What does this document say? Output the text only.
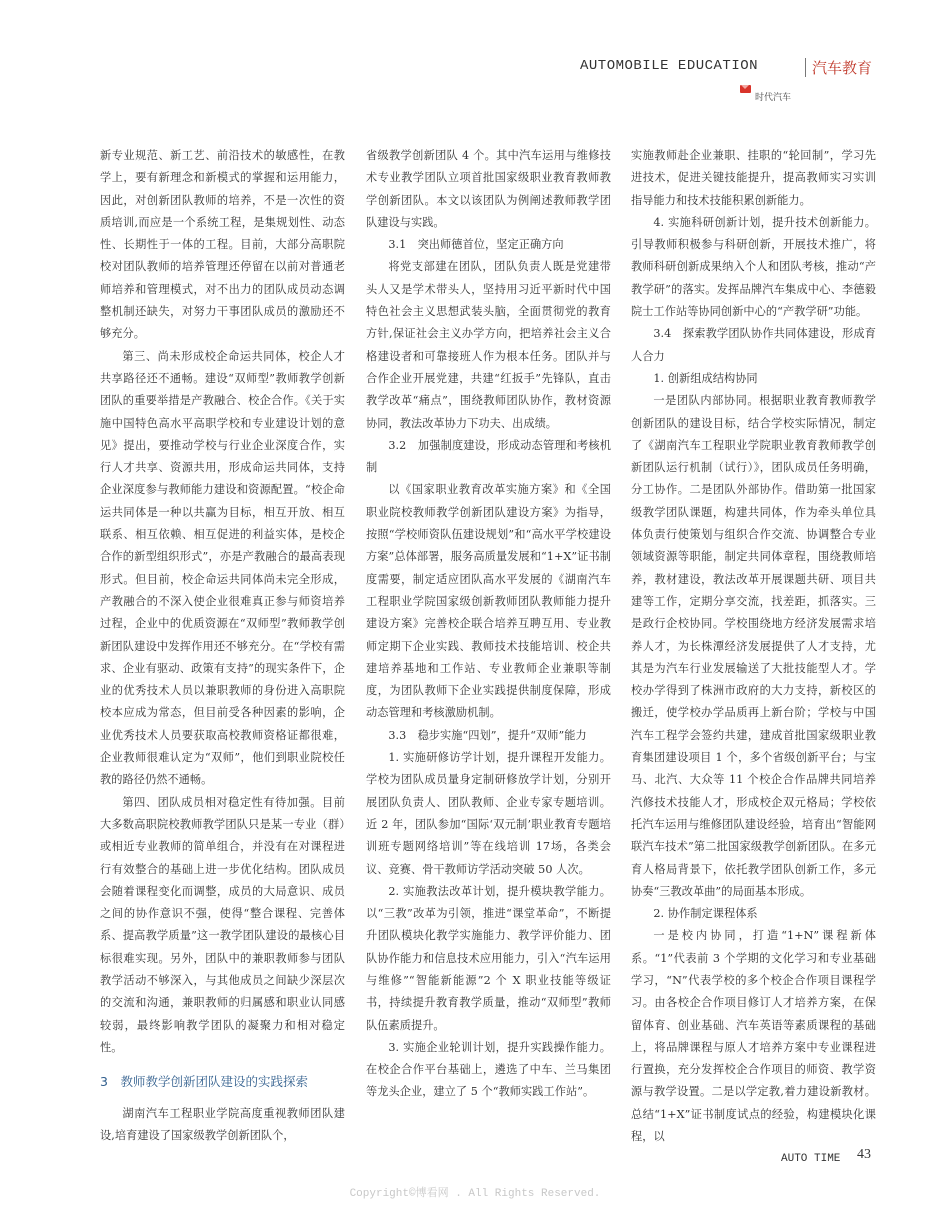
AUTOMOBILE EDUCATION	汽车教育
时代汽车

新专业规范、新工艺、前沿技术的敏感性，在教学上，要有新理念和新模式的掌握和运用能力，因此，对创新团队教师的培养，不是一次性的资质培训,而应是一个系统工程，是集规划性、动态性、长期性于一体的工程。目前，大部分高职院校对团队教师的培养管理还停留在以前对普通老师培养和管理模式，对不出力的团队成员动态调整机制还缺失，对努力干事团队成员的激励还不够充分。

第三、尚未形成校企命运共同体，校企人才共享路径还不通畅。建设“双师型”教师教学创新团队的重要举措是产教融合、校企合作。《关于实施中国特色高水平高职学校和专业建设计划的意见》提出，要推动学校与行业企业深度合作，实行人才共享、资源共用，形成命运共同体，支持企业深度参与教师能力建设和资源配置。“校企命运共同体是一种以共赢为目标，相互开放、相互联系、相互依赖、相互促进的利益实体，是校企合作的新型组织形式”，亦是产教融合的最高表现形式。但目前，校企命运共同体尚未完全形成，产教融合的不深入使企业很难真正参与师资培养过程，企业中的优质资源在“双师型”教师教学创新团队建设中发挥作用还不够充分。在“学校有需求、企业有驱动、政策有支持”的现实条件下，企业的优秀技术人员以兼职教师的身份进入高职院校本应成为常态，但目前受各种因素的影响，企业优秀技术人员要获取高校教师资格证都很难，企业教师很难认定为“双师”，他们到职业院校任教的路径仍然不通畅。

第四、团队成员相对稳定性有待加强。目前大多数高职院校教师教学团队只是某一专业（群）或相近专业教师的简单组合，并没有在对课程进行有效整合的基础上进一步优化结构。团队成员会随着课程变化而调整，成员的大局意识、成员之间的协作意识不强，使得“整合课程、完善体系、提高教学质量”这一教学团队建设的最核心目标很难实现。另外，团队中的兼职教师参与团队教学活动不够深入，与其他成员之间缺少深层次的交流和沟通，兼职教师的归属感和职业认同感较弱，最终影响教学团队的凝聚力和相对稳定性。

3　教师教学创新团队建设的实践探索

湖南汽车工程职业学院高度重视教师团队建设,培育建设了国家级教学创新团队个，

省级教学创新团队 4 个。其中汽车运用与维修技术专业教学团队立项首批国家级职业教育教师教学创新团队。本文以该团队为例阐述教师教学团队建设与实践。

3.1　突出师德首位，坚定正确方向

将党支部建在团队，团队负责人既是党建带头人又是学术带头人，坚持用习近平新时代中国特色社会主义思想武装头脑，全面贯彻党的教育方针,保证社会主义办学方向，把培养社会主义合格建设者和可靠接班人作为根本任务。团队并与合作企业开展党建，共建“红扳手”先锋队，直击教学改革“痛点”，围绕教师团队协作，教材资源协同，教法改革协力下功夫、出成绩。

3.2　加强制度建设，形成动态管理和考核机制

以《国家职业教育改革实施方案》和《全国职业院校教师教学创新团队建设方案》为指导，按照“学校师资队伍建设规划”和“高水平学校建设方案”总体部署，服务高质量发展和“1+X”证书制度需要，制定适应团队高水平发展的《湖南汽车工程职业学院国家级创新教师团队教师能力提升建设方案》完善校企联合培养互聘互用、专业教师定期下企业实践、教师技术技能培训、校企共建培养基地和工作站、专业教师企业兼职等制度，为团队教师下企业实践提供制度保障，形成动态管理和考核激励机制。

3.3　稳步实施“四划”，提升“双师”能力

1. 实施研修访学计划，提升课程开发能力。学校为团队成员量身定制研修放学计划，分别开展团队负责人、团队教师、企业专家专题培训。近 2 年，团队参加“国际‘双元制’职业教育专题培训班专题网络培训”等在线培训 17场，各类会议、竞赛、骨干教师访学活动突破 50 人次。

2. 实施教法改革计划，提升模块教学能力。以“三教”改革为引领，推进“课堂革命”，不断提升团队模块化教学实施能力、教学评价能力、团队协作能力和信息技术应用能力，引入“汽车运用与维修”“智能新能源”2 个 X 职业技能等级证书，持续提升教育教学质量，推动“双师型”教师队伍素质提升。

3. 实施企业轮训计划，提升实践操作能力。在校企合作平台基础上，遴选了中车、兰马集团等龙头企业，建立了 5 个“教师实践工作站”。

实施教师赴企业兼职、挂职的“轮回制”，学习先进技术，促进关键技能提升，提高教师实习实训指导能力和技术技能积累创新能力。

4. 实施科研创新计划，提升技术创新能力。引导教师积极参与科研创新，开展技术推广，将教师科研创新成果纳入个人和团队考核，推动“产教学研”的落实。发挥品牌汽车集成中心、李德毅院士工作站等协同创新中心的“产教学研”功能。

3.4　探索教学团队协作共同体建设，形成育人合力

1. 创新组成结构协同

一是团队内部协同。根据职业教育教师教学创新团队的建设目标，结合学校实际情况，制定了《湖南汽车工程职业学院职业教育教师教学创新团队运行机制（试行）》，团队成员任务明确，分工协作。二是团队外部协作。借助第一批国家级教学团队课题，构建共同体，作为牵头单位具体负责行使策划与组织合作交流、协调整合专业领域资源等职能，制定共同体章程，围绕教师培养，教材建设，教法改革开展课题共研、项目共建等工作，定期分享交流，找差距，抓落实。三是政行企校协同。学校围绕地方经济发展需求培养人才，为长株潭经济发展提供了人才支持，尤其是为汽车行业发展输送了大批技能型人才。学校办学得到了株洲市政府的大力支持，新校区的搬迁，使学校办学品质再上新台阶；学校与中国汽车工程学会签约共建，建成首批国家级职业教育集团建设项目 1 个，多个省级创新平台；与宝马、北汽、大众等 11 个校企合作品牌共同培养汽修技术技能人才，形成校企双元格局；学校依托汽车运用与维修团队建设经验，培育出“智能网联汽车技术”第二批国家级教学创新团队。在多元育人格局背景下，依托教学团队创新工作，多元协奏“三教改革曲”的局面基本形成。

2. 协作制定课程体系

一是校内协同，打造“1+N”课程新体系。“1”代表前 3 个学期的文化学习和专业基础学习，“N”代表学校的多个校企合作项目课程学习。由各校企合作项目修订人才培养方案，在保留体育、创业基础、汽车英语等素质课程的基础上，将品牌课程与原人才培养方案中专业课程进行置换，充分发挥校企合作项目的师资、教学资源与教学设置。二是以学定教,着力建设新教材。总结“1+X”证书制度试点的经验，构建模块化课程，以

AUTO TIME 43
Copyright©博看网 . All Rights Reserved.
